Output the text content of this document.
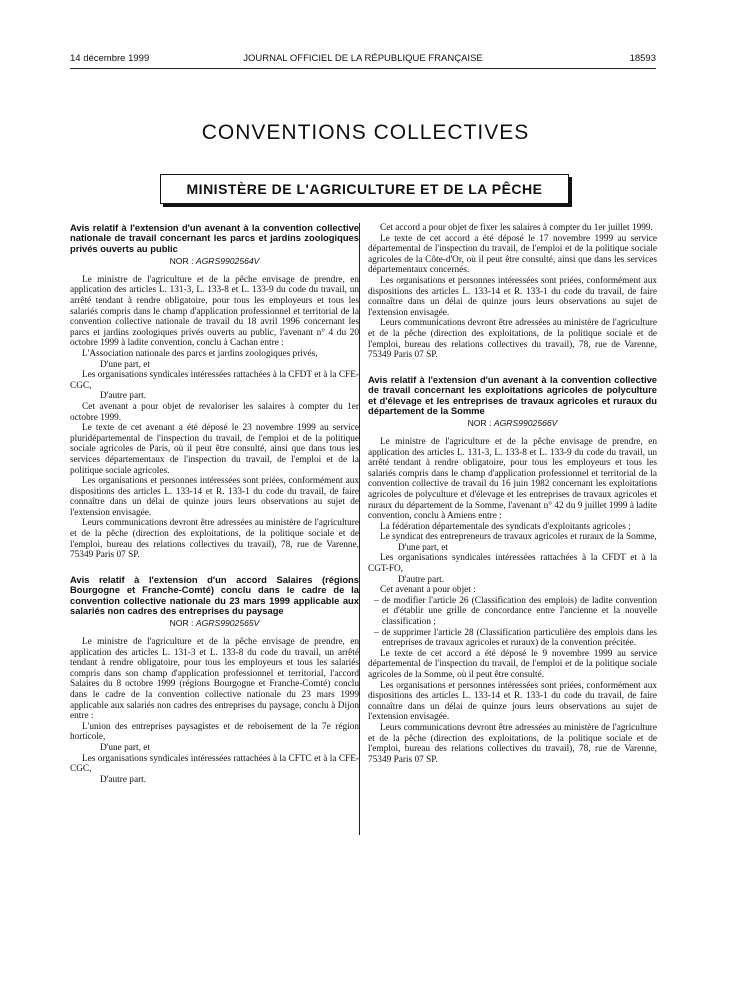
14 décembre 1999	JOURNAL OFFICIEL DE LA RÉPUBLIQUE FRANÇAISE	18593
CONVENTIONS COLLECTIVES
MINISTÈRE DE L'AGRICULTURE ET DE LA PÊCHE
Avis relatif à l'extension d'un avenant à la convention collective nationale de travail concernant les parcs et jardins zoologiques privés ouverts au public
NOR : AGRS9902564V

Le ministre de l'agriculture et de la pêche envisage de prendre, en application des articles L. 131-3, L. 133-8 et L. 133-9 du code du travail, un arrêté tendant à rendre obligatoire, pour tous les employeurs et tous les salariés compris dans le champ d'application professionnel et territorial de la convention collective nationale de travail du 18 avril 1996 concernant les parcs et jardins zoologiques privés ouverts au public, l'avenant n° 4 du 20 octobre 1999 à ladite convention, conclu à Cachan entre :

L'Association nationale des parcs et jardins zoologiques privés,

D'une part, et

Les organisations syndicales intéressées rattachées à la CFDT et à la CFE-CGC,

D'autre part.

Cet avenant a pour objet de revaloriser les salaires à compter du 1er octobre 1999.

Le texte de cet avenant a été déposé le 23 novembre 1999 au service pluridépartemental de l'inspection du travail, de l'emploi et de la politique sociale agricoles de Paris, où il peut être consulté, ainsi que dans tous les services départementaux de l'inspection du travail, de l'emploi et de la politique sociale agricoles.

Les organisations et personnes intéressées sont priées, conformément aux dispositions des articles L. 133-14 et R. 133-1 du code du travail, de faire connaître dans un délai de quinze jours leurs observations au sujet de l'extension envisagée.

Leurs communications devront être adressées au ministère de l'agriculture et de la pêche (direction des exploitations, de la politique sociale et de l'emploi, bureau des relations collectives du travail), 78, rue de Varenne, 75349 Paris 07 SP.

Avis relatif à l'extension d'un accord Salaires (régions Bourgogne et Franche-Comté) conclu dans le cadre de la convention collective nationale du 23 mars 1999 applicable aux salariés non cadres des entreprises du paysage
NOR : AGRS9902565V

Le ministre de l'agriculture et de la pêche envisage de prendre, en application des articles L. 131-3 et L. 133-8 du code du travail, un arrêté tendant à rendre obligatoire, pour tous les employeurs et tous les salariés compris dans son champ d'application professionnel et territorial, l'accord Salaires du 8 octobre 1999 (régions Bourgogne et Franche-Comté) conclu dans le cadre de la convention collective nationale du 23 mars 1999 applicable aux salariés non cadres des entreprises du paysage, conclu à Dijon entre :

L'union des entreprises paysagistes et de reboisement de la 7e région horticole,

D'une part, et

Les organisations syndicales intéressées rattachées à la CFTC et à la CFE-CGC,

D'autre part.

Cet accord a pour objet de fixer les salaires à compter du 1er juillet 1999.

Le texte de cet accord a été déposé le 17 novembre 1999 au service départemental de l'inspection du travail, de l'emploi et de la politique sociale agricoles de la Côte-d'Or, où il peut être consulté, ainsi que dans les services départementaux concernés.

Les organisations et personnes intéressées sont priées, conformément aux dispositions des articles L. 133-14 et R. 133-1 du code du travail, de faire connaître dans un délai de quinze jours leurs observations au sujet de l'extension envisagée.

Leurs communications devront être adressées au ministère de l'agriculture et de la pêche (direction des exploitations, de la politique sociale et de l'emploi, bureau des relations collectives du travail), 78, rue de Varenne, 75349 Paris 07 SP.

Avis relatif à l'extension d'un avenant à la convention collective de travail concernant les exploitations agricoles de polyculture et d'élevage et les entreprises de travaux agricoles et ruraux du département de la Somme
NOR : AGRS9902566V

Le ministre de l'agriculture et de la pêche envisage de prendre, en application des articles L. 131-3, L. 133-8 et L. 133-9 du code du travail, un arrêté tendant à rendre obligatoire, pour tous les employeurs et tous les salariés compris dans le champ d'application professionnel et territorial de la convention collective de travail du 16 juin 1982 concernant les exploitations agricoles de polyculture et d'élevage et les entreprises de travaux agricoles et ruraux du département de la Somme, l'avenant n° 42 du 9 juillet 1999 à ladite convention, conclu à Amiens entre :

La fédération départementale des syndicats d'exploitants agricoles ;

Le syndicat des entrepreneurs de travaux agricoles et ruraux de la Somme,

D'une part, et

Les organisations syndicales intéressées rattachées à la CFDT et à la CGT-FO,

D'autre part.

Cet avenant a pour objet :

– de modifier l'article 26 (Classification des emplois) de ladite convention et d'établir une grille de concordance entre l'ancienne et la nouvelle classification ;

– de supprimer l'article 28 (Classification particulière des emplois dans les entreprises de travaux agricoles et ruraux) de la convention précitée.

Le texte de cet accord a été déposé le 9 novembre 1999 au service départemental de l'inspection du travail, de l'emploi et de la politique sociale agricoles de la Somme, où il peut être consulté.

Les organisations et personnes intéressées sont priées, conformément aux dispositions des articles L. 133-14 et R. 133-1 du code du travail, de faire connaître dans un délai de quinze jours leurs observations au sujet de l'extension envisagée.

Leurs communications devront être adressées au ministère de l'agriculture et de la pêche (direction des exploitations, de la politique sociale et de l'emploi, bureau des relations collectives du travail), 78, rue de Varenne, 75349 Paris 07 SP.
